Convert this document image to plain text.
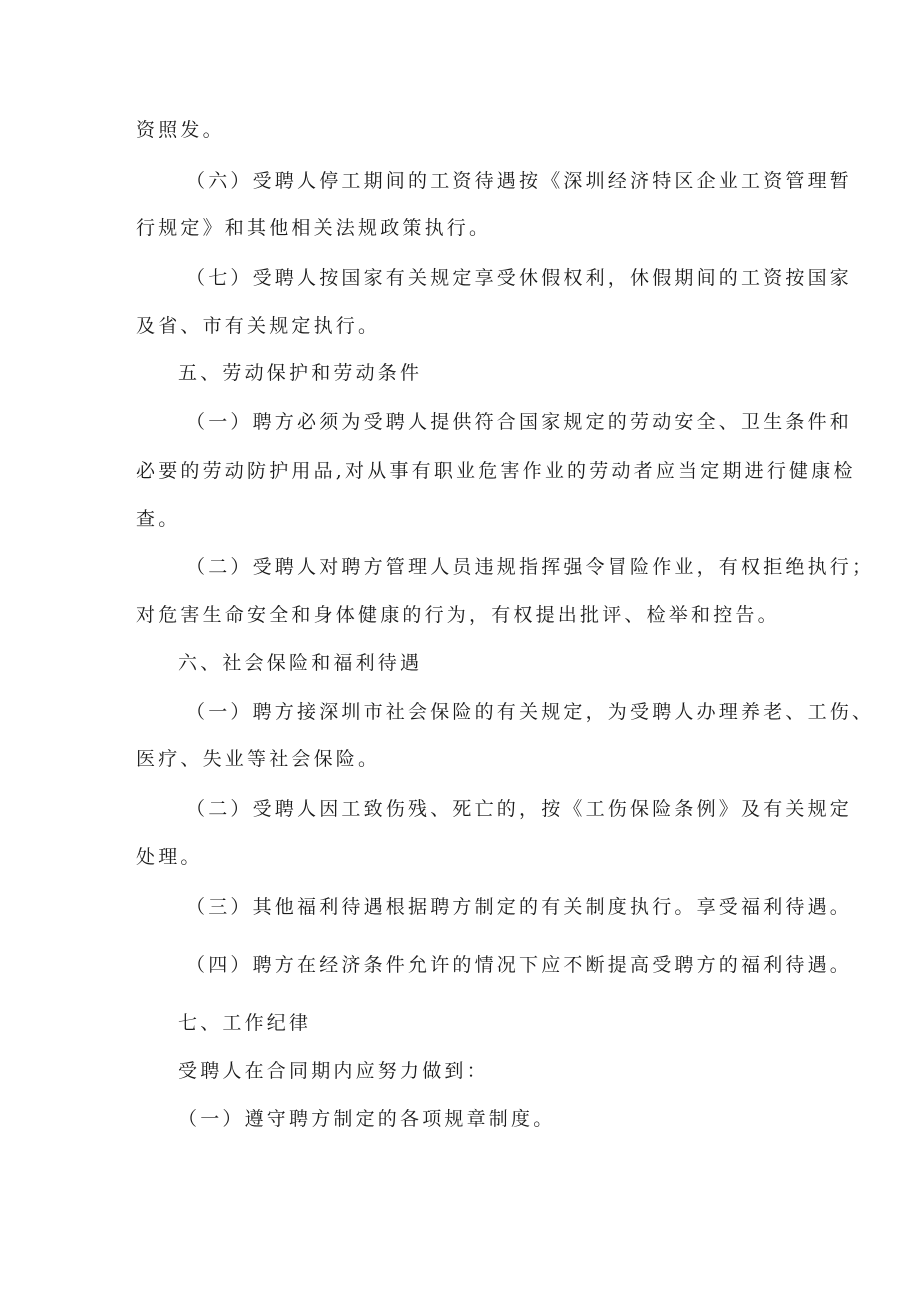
资照发。
（六）受聘人停工期间的工资待遇按《深圳经济特区企业工资管理暂
行规定》和其他相关法规政策执行。
（七）受聘人按国家有关规定享受休假权利，休假期间的工资按国家
及省、市有关规定执行。
五、劳动保护和劳动条件
（一）聘方必须为受聘人提供符合国家规定的劳动安全、卫生条件和
必要的劳动防护用品,对从事有职业危害作业的劳动者应当定期进行健康检
查。
（二）受聘人对聘方管理人员违规指挥强令冒险作业，有权拒绝执行；
对危害生命安全和身体健康的行为，有权提出批评、检举和控告。
六、社会保险和福利待遇
（一）聘方接深圳市社会保险的有关规定，为受聘人办理养老、工伤、
医疗、失业等社会保险。
（二）受聘人因工致伤残、死亡的，按《工伤保险条例》及有关规定
处理。
（三）其他福利待遇根据聘方制定的有关制度执行。享受福利待遇。
（四）聘方在经济条件允许的情况下应不断提高受聘方的福利待遇。
七、工作纪律
受聘人在合同期内应努力做到：
（一）遵守聘方制定的各项规章制度。
